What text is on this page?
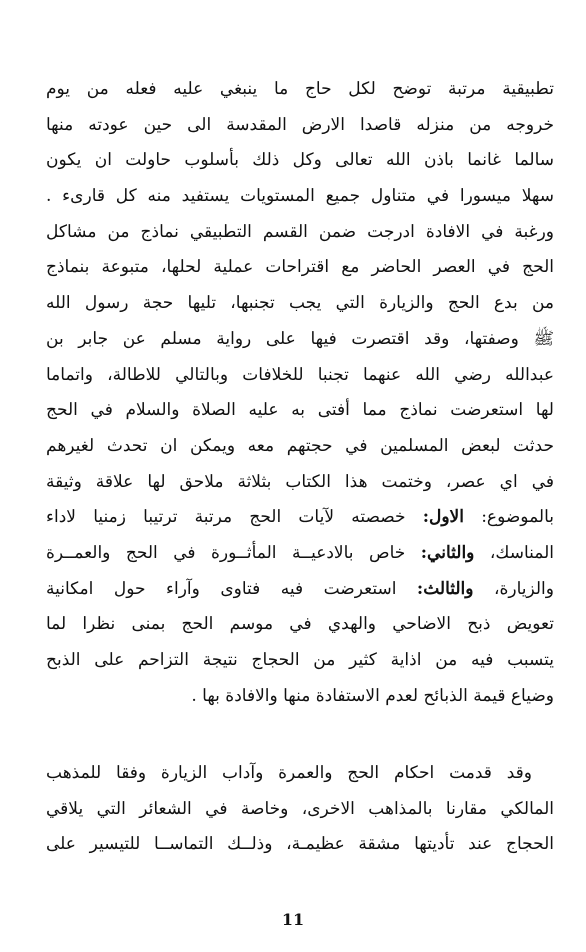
تطبيقية مرتبة توضح لكل حاج ما ينبغي عليه فعله من يوم
خروجه من منزله قاصدا الارض المقدسة الى حين عودته منها
سالما غانما باذن الله تعالى وكل ذلك بأسلوب حاولت ان يكون
سهلا ميسورا في متناول جميع المستويات يستفيد منه كل قارىء .
ورغبة في الافادة ادرجت ضمن القسم التطبيقي نماذج من مشاكل
الحج في العصر الحاضر مع اقتراحات عملية لحلها، متبوعة بنماذج
من بدع الحج والزيارة التي يجب تجنبها، تليها حجة رسول الله
ﷺ وصفتها، وقد اقتصرت فيها على رواية مسلم عن جابر بن
عبدالله رضي الله عنهما تجنبا للخلافات وبالتالي للاطالة، واتماما
لها استعرضت نماذج مما أفتى به عليه الصلاة والسلام في الحج
حدثت لبعض المسلمين في حجتهم معه ويمكن ان تحدث لغيرهم
في اي عصر، وختمت هذا الكتاب بثلاثة ملاحق لها علاقة وثيقة
بالموضوع: الاول: خصصته لآيات الحج مرتبة ترتيبا زمنيا لاداء
المناسك، والثاني: خاص بالادعيــة المأثــورة في الحج والعمــرة
والزيارة، والثالث: استعرضت فيه فتاوى وآراء حول امكانية
تعويض ذبح الاضاحي والهدي في موسم الحج بمنى نظرا لما
يتسبب فيه من اذاية كثير من الحجاج نتيجة التزاحم على الذبح
وضياع قيمة الذبائح لعدم الاستفادة منها والافادة بها .
وقد قدمت احكام الحج والعمرة وآداب الزيارة وفقا للمذهب
المالكي مقارنا بالمذاهب الاخرى، وخاصة في الشعائر التي يلاقي
الحجاج عند تأديتها مشقة عظيمـة، وذلــك التماســا للتيسير على
11
